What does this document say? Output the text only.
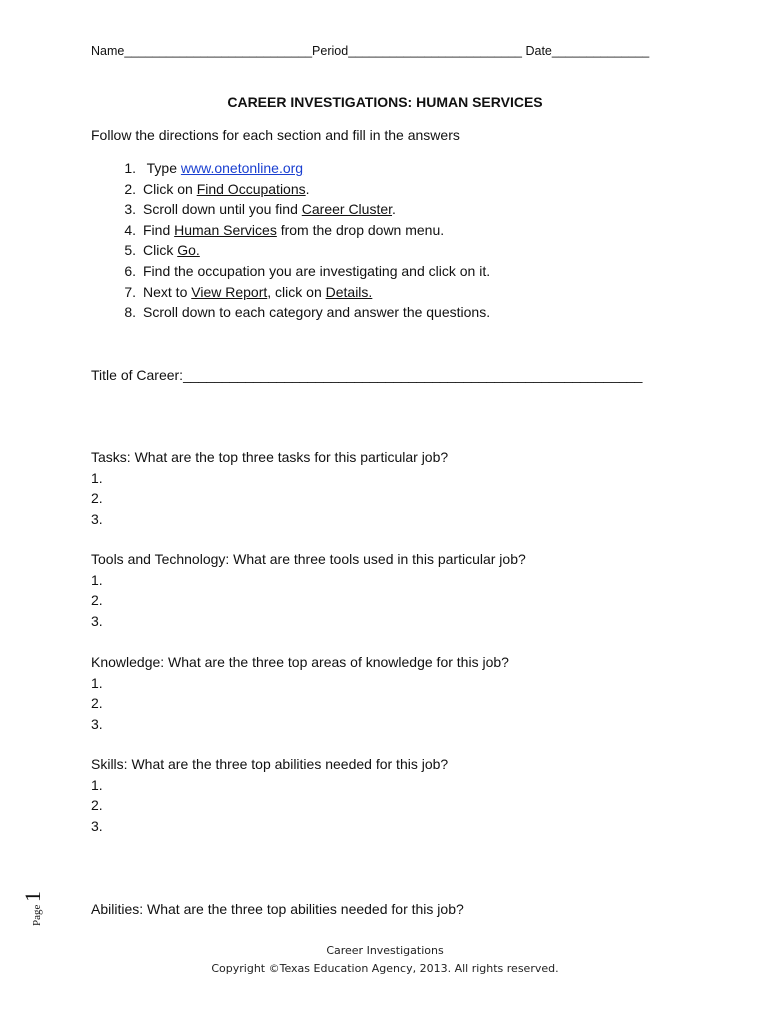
Name___________________________Period_________________________ Date______________
CAREER INVESTIGATIONS: HUMAN SERVICES
Follow the directions for each section and fill in the answers
1. Type www.onetonline.org
2. Click on Find Occupations.
3. Scroll down until you find Career Cluster.
4. Find Human Services from the drop down menu.
5. Click Go.
6. Find the occupation you are investigating and click on it.
7. Next to View Report, click on Details.
8. Scroll down to each category and answer the questions.
Title of Career:___________________________________________________________
Tasks: What are the top three tasks for this particular job?
1.
2.
3.
Tools and Technology: What are three tools used in this particular job?
1.
2.
3.
Knowledge: What are the three top areas of knowledge for this job?
1.
2.
3.
Skills: What are the three top abilities needed for this job?
1.
2.
3.
Abilities: What are the three top abilities needed for this job?
Page
1
Career Investigations
Copyright ©Texas Education Agency, 2013. All rights reserved.
